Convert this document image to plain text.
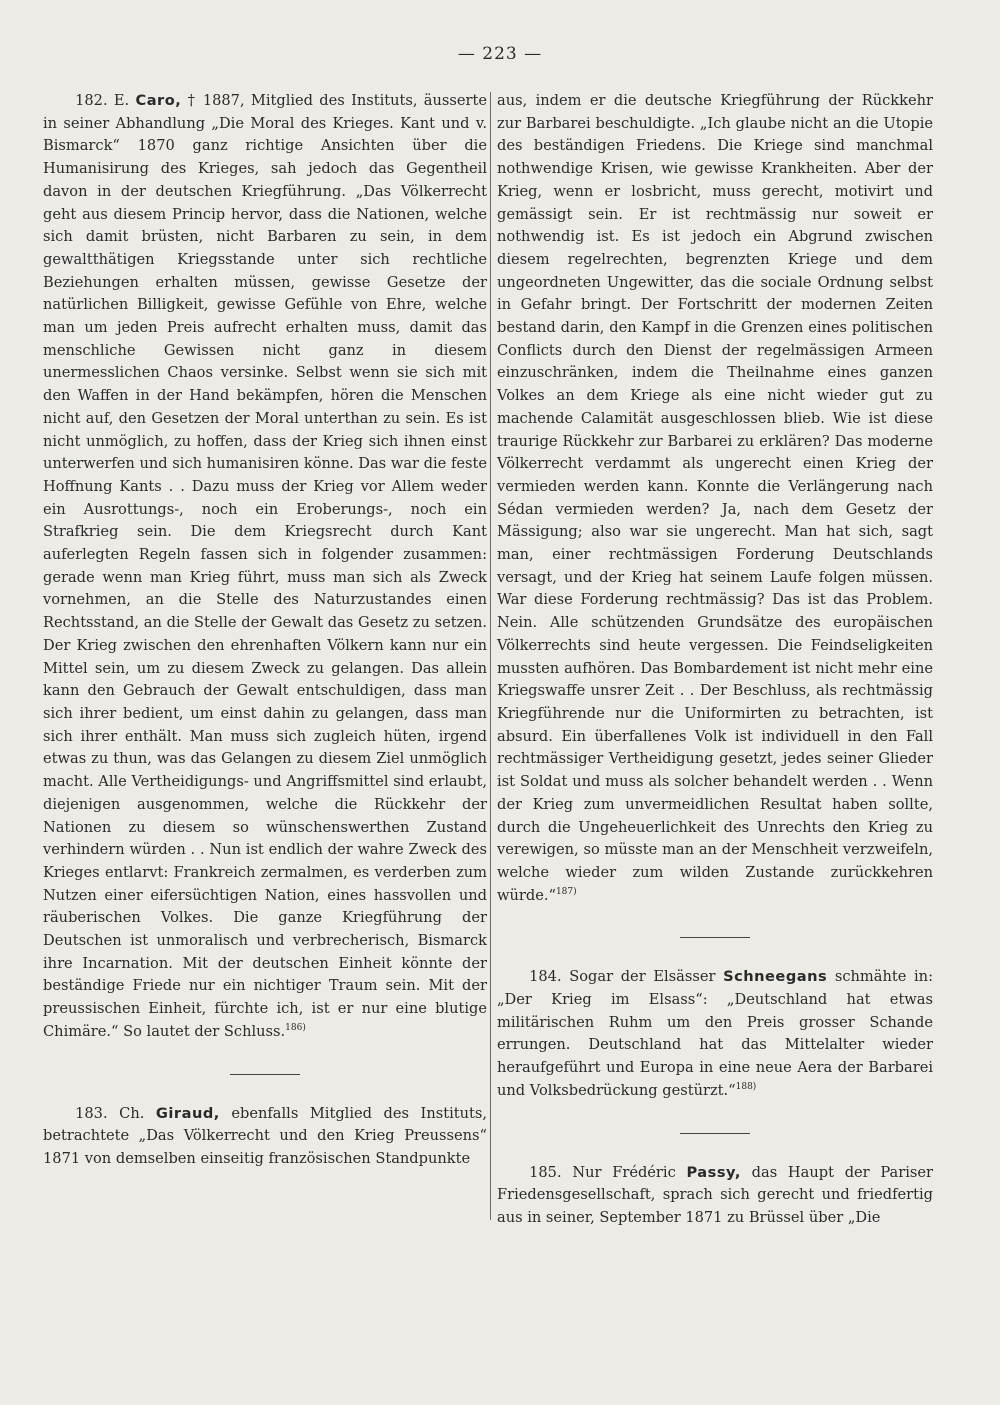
— 223 —

182. E. Caro, † 1887, Mitglied des Instituts, äusserte in seiner Abhandlung „Die Moral des Krieges. Kant und v. Bismarck“ 1870 ganz richtige Ansichten über die Humanisirung des Krieges, sah jedoch das Gegentheil davon in der deutschen Kriegführung. „Das Völkerrecht geht aus diesem Princip hervor, dass die Nationen, welche sich damit brüsten, nicht Barbaren zu sein, in dem gewaltthätigen Kriegsstande unter sich rechtliche Beziehungen erhalten müssen, gewisse Gesetze der natürlichen Billigkeit, gewisse Gefühle von Ehre, welche man um jeden Preis aufrecht erhalten muss, damit das menschliche Gewissen nicht ganz in diesem unermesslichen Chaos versinke. Selbst wenn sie sich mit den Waffen in der Hand bekämpfen, hören die Menschen nicht auf, den Gesetzen der Moral unterthan zu sein. Es ist nicht unmöglich, zu hoffen, dass der Krieg sich ihnen einst unterwerfen und sich humanisiren könne. Das war die feste Hoffnung Kants . . Dazu muss der Krieg vor Allem weder ein Ausrottungs-, noch ein Eroberungs-, noch ein Strafkrieg sein. Die dem Kriegsrecht durch Kant auferlegten Regeln fassen sich in folgender zusammen: gerade wenn man Krieg führt, muss man sich als Zweck vornehmen, an die Stelle des Naturzustandes einen Rechtsstand, an die Stelle der Gewalt das Gesetz zu setzen. Der Krieg zwischen den ehrenhaften Völkern kann nur ein Mittel sein, um zu diesem Zweck zu gelangen. Das allein kann den Gebrauch der Gewalt entschuldigen, dass man sich ihrer bedient, um einst dahin zu gelangen, dass man sich ihrer enthält. Man muss sich zugleich hüten, irgend etwas zu thun, was das Gelangen zu diesem Ziel unmöglich macht. Alle Vertheidigungs- und Angriffsmittel sind erlaubt, diejenigen ausgenommen, welche die Rückkehr der Nationen zu diesem so wünschenswerthen Zustand verhindern würden . . Nun ist endlich der wahre Zweck des Krieges entlarvt: Frankreich zermalmen, es verderben zum Nutzen einer eifersüchtigen Nation, eines hassvollen und räuberischen Volkes. Die ganze Kriegführung der Deutschen ist unmoralisch und verbrecherisch, Bismarck ihre Incarnation. Mit der deutschen Einheit könnte der beständige Friede nur ein nichtiger Traum sein. Mit der preussischen Einheit, fürchte ich, ist er nur eine blutige Chimäre.“ So lautet der Schluss.$^{186)}$

183. Ch. Giraud, ebenfalls Mitglied des Instituts, betrachtete „Das Völkerrecht und den Krieg Preussens“ 1871 von demselben einseitig französischen Standpunkte

aus, indem er die deutsche Kriegführung der Rückkehr zur Barbarei beschuldigte. „Ich glaube nicht an die Utopie des beständigen Friedens. Die Kriege sind manchmal nothwendige Krisen, wie gewisse Krankheiten. Aber der Krieg, wenn er losbricht, muss gerecht, motivirt und gemässigt sein. Er ist rechtmässig nur soweit er nothwendig ist. Es ist jedoch ein Abgrund zwischen diesem regelrechten, begrenzten Kriege und dem ungeordneten Ungewitter, das die sociale Ordnung selbst in Gefahr bringt. Der Fortschritt der modernen Zeiten bestand darin, den Kampf in die Grenzen eines politischen Conflicts durch den Dienst der regelmässigen Armeen einzuschränken, indem die Theilnahme eines ganzen Volkes an dem Kriege als eine nicht wieder gut zu machende Calamität ausgeschlossen blieb. Wie ist diese traurige Rückkehr zur Barbarei zu erklären? Das moderne Völkerrecht verdammt als ungerecht einen Krieg der vermieden werden kann. Konnte die Verlängerung nach Sédan vermieden werden? Ja, nach dem Gesetz der Mässigung; also war sie ungerecht. Man hat sich, sagt man, einer rechtmässigen Forderung Deutschlands versagt, und der Krieg hat seinem Laufe folgen müssen. War diese Forderung rechtmässig? Das ist das Problem. Nein. Alle schützenden Grundsätze des europäischen Völkerrechts sind heute vergessen. Die Feindseligkeiten mussten aufhören. Das Bombardement ist nicht mehr eine Kriegswaffe unsrer Zeit . . Der Beschluss, als rechtmässig Kriegführende nur die Uniformirten zu betrachten, ist absurd. Ein überfallenes Volk ist individuell in den Fall rechtmässiger Vertheidigung gesetzt, jedes seiner Glieder ist Soldat und muss als solcher behandelt werden . . Wenn der Krieg zum unvermeidlichen Resultat haben sollte, durch die Ungeheuerlichkeit des Unrechts den Krieg zu verewigen, so müsste man an der Menschheit verzweifeln, welche wieder zum wilden Zustande zurückkehren würde.“$^{187)}$

184. Sogar der Elsässer Schneegans schmähte in: „Der Krieg im Elsass“: „Deutschland hat etwas militärischen Ruhm um den Preis grosser Schande errungen. Deutschland hat das Mittelalter wieder heraufgeführt und Europa in eine neue Aera der Barbarei und Volksbedrückung gestürzt.“$^{188)}$

185. Nur Frédéric Passy, das Haupt der Pariser Friedensgesellschaft, sprach sich gerecht und friedfertig aus in seiner, September 1871 zu Brüssel über „Die
